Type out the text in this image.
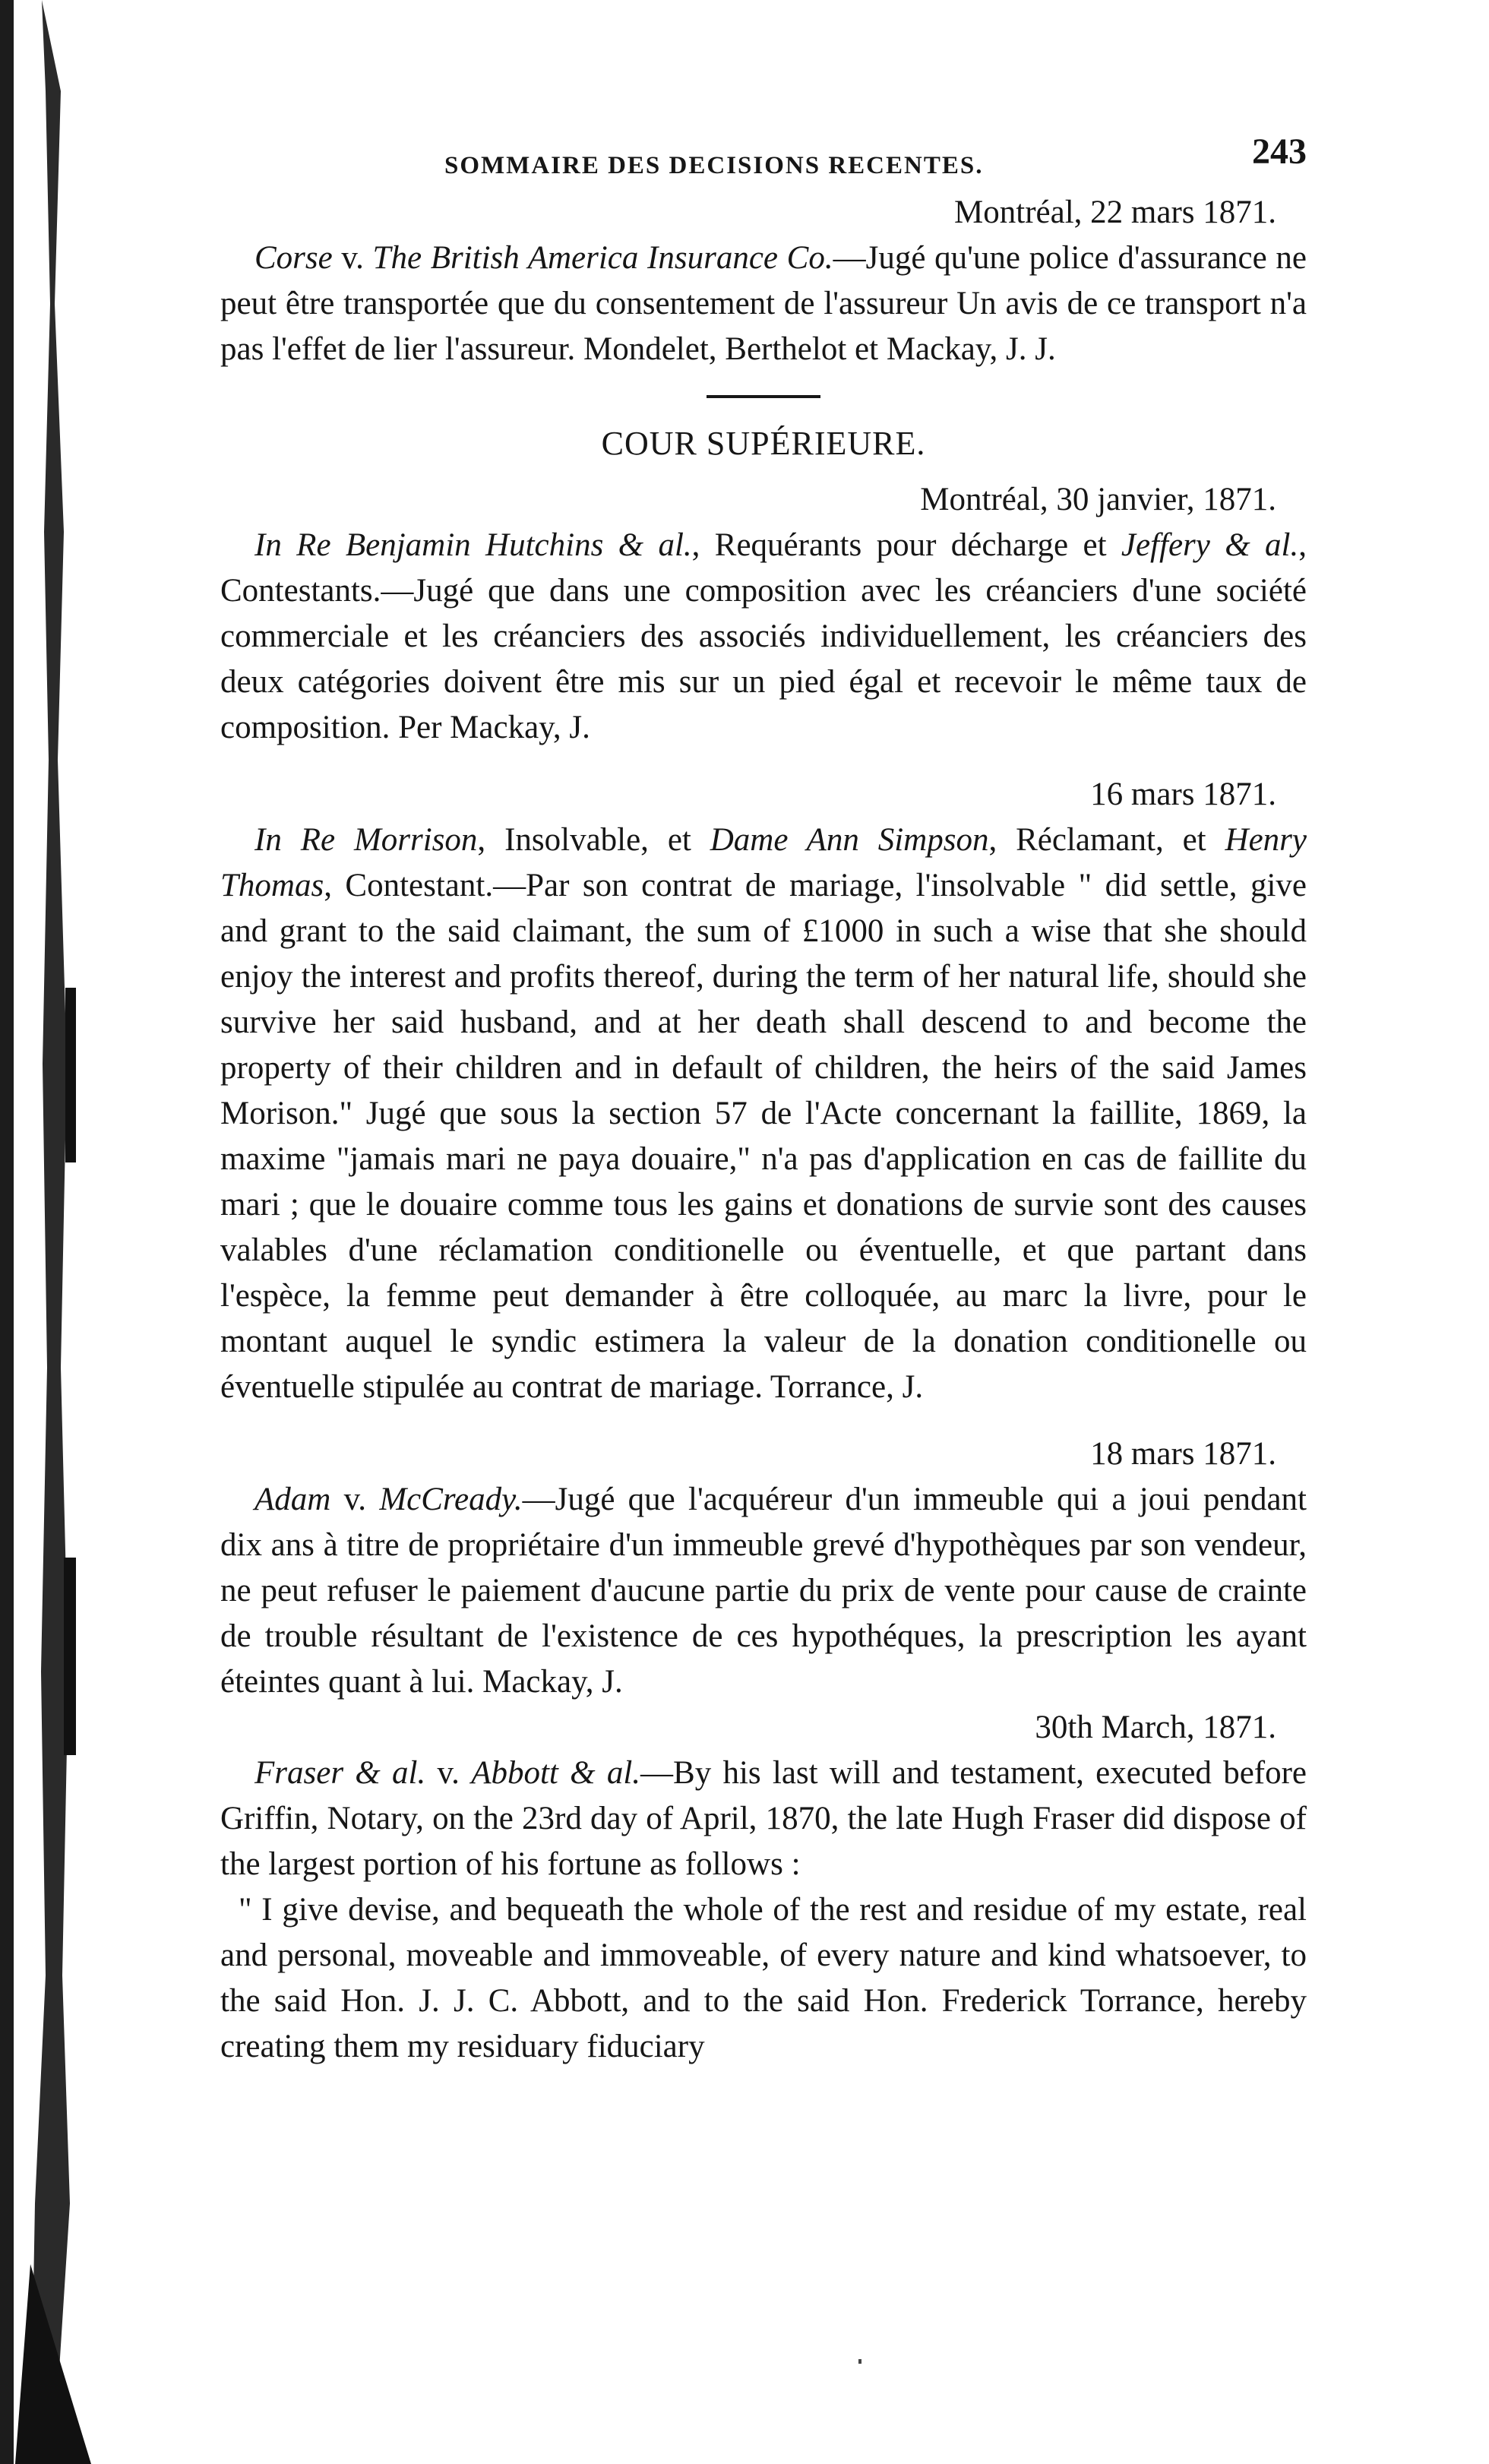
SOMMAIRE DES DECISIONS RECENTES.	243
Montréal, 22 mars 1871.

Corse v. The British America Insurance Co.—Jugé qu'une police d'assurance ne peut être transportée que du consentement de l'assureur Un avis de ce transport n'a pas l'effet de lier l'assureur. Mondelet, Berthelot et Mackay, J. J.

COUR SUPÉRIEURE.
Montréal, 30 janvier, 1871.

In Re Benjamin Hutchins & al., Requérants pour décharge et Jeffery & al., Contestants.—Jugé que dans une composition avec les créanciers d'une société commerciale et les créanciers des associés individuellement, les créanciers des deux catégories doivent être mis sur un pied égal et recevoir le même taux de composition. Per Mackay, J.

16 mars 1871.

In Re Morrison, Insolvable, et Dame Ann Simpson, Réclamant, et Henry Thomas, Contestant.—Par son contrat de mariage, l'insolvable " did settle, give and grant to the said claimant, the sum of £1000 in such a wise that she should enjoy the interest and profits thereof, during the term of her natural life, should she survive her said husband, and at her death shall descend to and become the property of their children and in default of children, the heirs of the said James Morison." Jugé que sous la section 57 de l'Acte concernant la faillite, 1869, la maxime "jamais mari ne paya douaire," n'a pas d'application en cas de faillite du mari ; que le douaire comme tous les gains et donations de survie sont des causes valables d'une réclamation conditionelle ou éventuelle, et que partant dans l'espèce, la femme peut demander à être colloquée, au marc la livre, pour le montant auquel le syndic estimera la valeur de la donation conditionelle ou éventuelle stipulée au contrat de mariage. Torrance, J.

18 mars 1871.

Adam v. McCready.—Jugé que l'acquéreur d'un immeuble qui a joui pendant dix ans à titre de propriétaire d'un immeuble grevé d'hypothèques par son vendeur, ne peut refuser le paiement d'aucune partie du prix de vente pour cause de crainte de trouble résultant de l'existence de ces hypothéques, la prescription les ayant éteintes quant à lui. Mackay, J.

30th March, 1871.

Fraser & al. v. Abbott & al.—By his last will and testament, executed before Griffin, Notary, on the 23rd day of April, 1870, the late Hugh Fraser did dispose of the largest portion of his fortune as follows :

" I give devise, and bequeath the whole of the rest and residue of my estate, real and personal, moveable and immoveable, of every nature and kind whatsoever, to the said Hon. J. J. C. Abbott, and to the said Hon. Frederick Torrance, hereby creating them my residuary fiduciary
